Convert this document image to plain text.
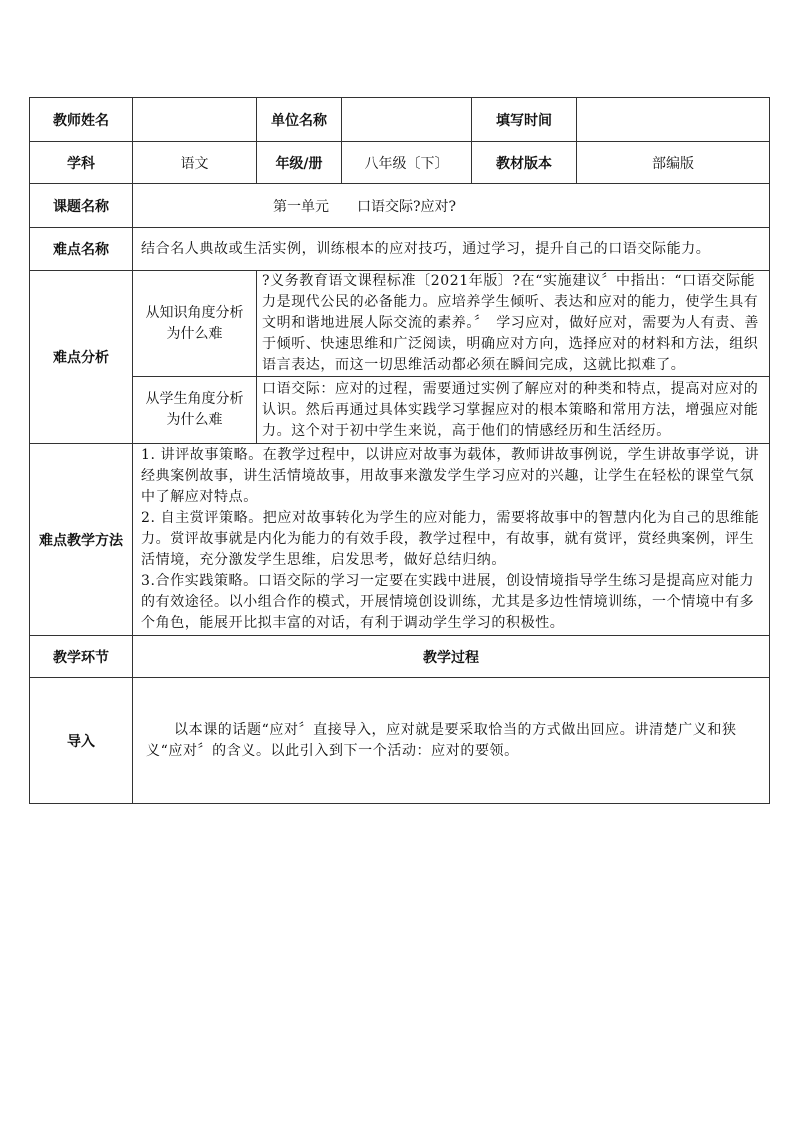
教师姓名		单位名称		填写时间	
学科	语文	年级/册	八年级〔下〕	教材版本	部编版
课题名称	第一单元　　口语交际?应对?				
难点名称	结合名人典故或生活实例，训练根本的应对技巧，通过学习，提升自己的口语交际能力。				
难点分析	从知识角度分析为什么难	?义务教育语文课程标准〔2021年版〕?在“实施建议〞中指出：“口语交际能力是现代公民的必备能力。应培养学生倾听、表达和应对的能力，使学生具有文明和谐地进展人际交流的素养。〞　学习应对，做好应对，需要为人有责、善于倾听、快速思维和广泛阅读，明确应对方向，选择应对的材料和方法，组织语言表达，而这一切思维活动都必须在瞬间完成，这就比拟难了。			
	从学生角度分析为什么难	口语交际：应对的过程，需要通过实例了解应对的种类和特点，提高对应对的认识。然后再通过具体实践学习掌握应对的根本策略和常用方法，增强应对能力。这个对于初中学生来说，高于他们的情感经历和生活经历。			
难点教学方法	1. 讲评故事策略。在教学过程中，以讲应对故事为载体，教师讲故事例说，学生讲故事学说，讲经典案例故事，讲生活情境故事，用故事来激发学生学习应对的兴趣，让学生在轻松的课堂气氛中了解应对特点。
2. 自主赏评策略。把应对故事转化为学生的应对能力，需要将故事中的智慧内化为自己的思维能力。赏评故事就是内化为能力的有效手段，教学过程中，有故事，就有赏评，赏经典案例，评生活情境，充分激发学生思维，启发思考，做好总结归纳。
3.合作实践策略。口语交际的学习一定要在实践中进展，创设情境指导学生练习是提高应对能力的有效途径。以小组合作的模式，开展情境创设训练，尤其是多边性情境训练，一个情境中有多个角色，能展开比拟丰富的对话，有利于调动学生学习的积极性。				

教学环节	教学过程				
导入	以本课的话题“应对〞直接导入，应对就是要采取恰当的方式做出回应。讲清楚广义和狭义“应对〞的含义。以此引入到下一个活动：应对的要领。				
